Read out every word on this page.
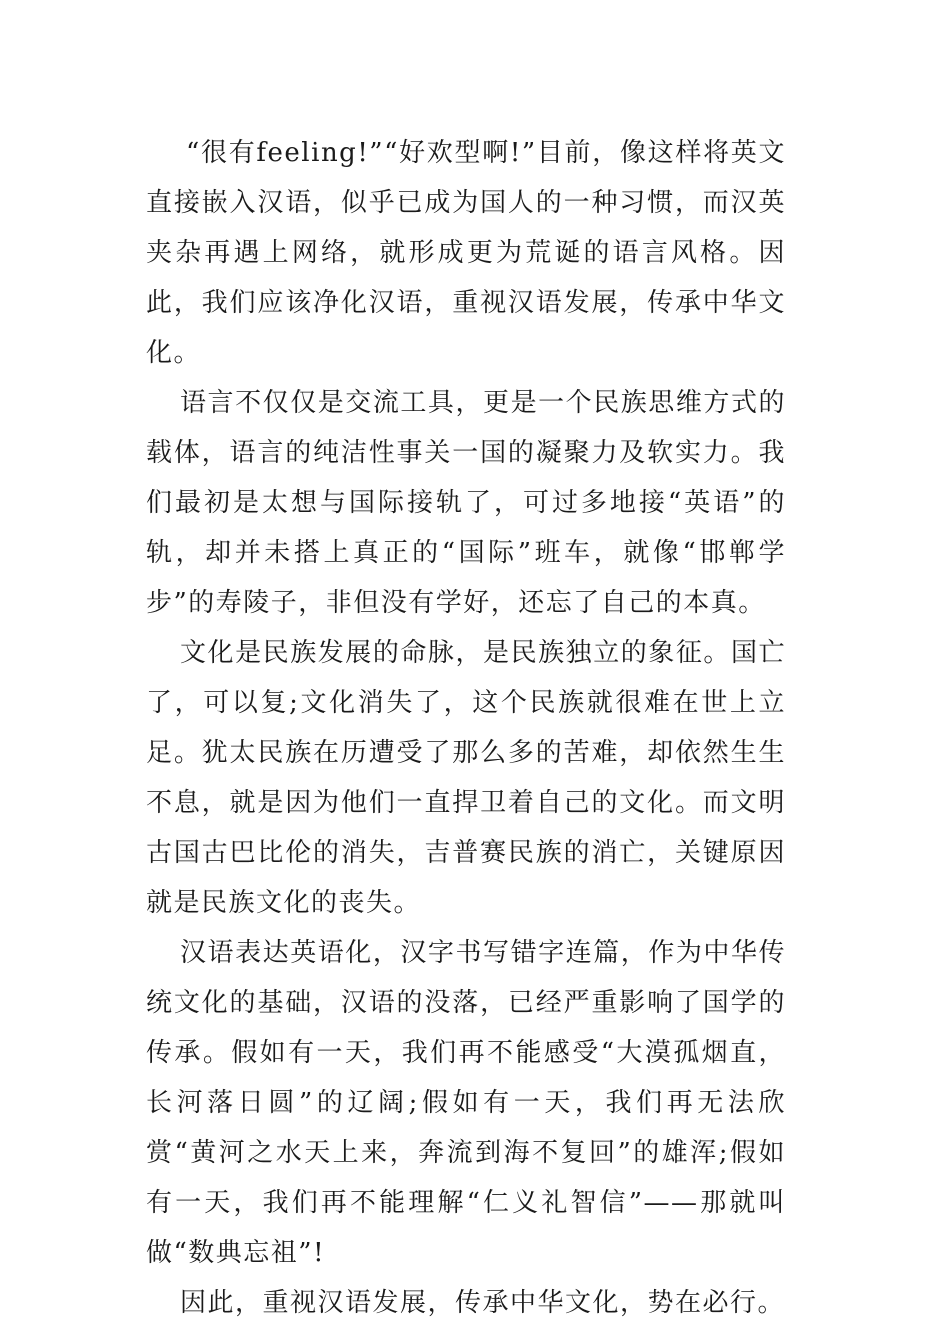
“很有feeling!”“好欢型啊!”目前，像这样将英文直接嵌入汉语，似乎已成为国人的一种习惯，而汉英夹杂再遇上网络，就形成更为荒诞的语言风格。因此，我们应该净化汉语，重视汉语发展，传承中华文化。

语言不仅仅是交流工具，更是一个民族思维方式的载体，语言的纯洁性事关一国的凝聚力及软实力。我们最初是太想与国际接轨了，可过多地接“英语”的轨，却并未搭上真正的“国际”班车，就像“邯郸学步”的寿陵子，非但没有学好，还忘了自己的本真。

文化是民族发展的命脉，是民族独立的象征。国亡了，可以复;文化消失了，这个民族就很难在世上立足。犹太民族在历遭受了那么多的苦难，却依然生生不息，就是因为他们一直捍卫着自己的文化。而文明古国古巴比伦的消失，吉普赛民族的消亡，关键原因就是民族文化的丧失。

汉语表达英语化，汉字书写错字连篇，作为中华传统文化的基础，汉语的没落，已经严重影响了国学的传承。假如有一天，我们再不能感受“大漠孤烟直，长河落日圆”的辽阔;假如有一天，我们再无法欣赏“黄河之水天上来，奔流到海不复回”的雄浑;假如有一天，我们再不能理解“仁义礼智信”——那就叫做“数典忘祖”!

因此，重视汉语发展，传承中华文化，势在必行。
